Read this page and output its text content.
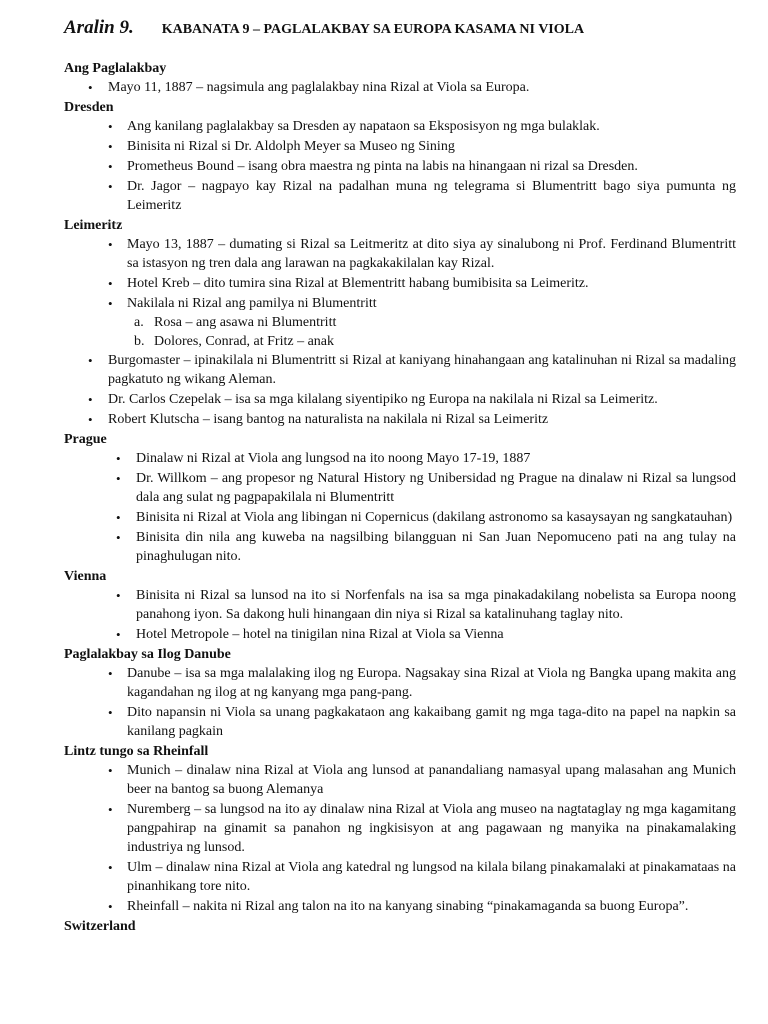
Aralin 9. KABANATA 9 – PAGLALAKBAY SA EUROPA KASAMA NI VIOLA

Ang Paglalakbay

• Mayo 11, 1887 – nagsimula ang paglalakbay nina Rizal at Viola sa Europa.

Dresden

• Ang kanilang paglalakbay sa Dresden ay napataon sa Eksposisyon ng mga bulaklak.
• Binisita ni Rizal si Dr. Aldolph Meyer sa Museo ng Sining
• Prometheus Bound – isang obra maestra ng pinta na labis na hinangaan ni rizal sa Dresden.
• Dr. Jagor – nagpayo kay Rizal na padalhan muna ng telegrama si Blumentritt bago siya pumunta ng Leimeritz

Leimeritz

• Mayo 13, 1887 – dumating si Rizal sa Leitmeritz at dito siya ay sinalubong ni Prof. Ferdinand Blumentritt sa istasyon ng tren dala ang larawan na pagkakakilalan kay Rizal.
• Hotel Kreb – dito tumira sina Rizal at Blementritt habang bumibisita sa Leimeritz.
• Nakilala ni Rizal ang pamilya ni Blumentritt
a. Rosa – ang asawa ni Blumentritt
b. Dolores, Conrad, at Fritz – anak
• Burgomaster – ipinakilala ni Blumentritt si Rizal at kaniyang hinahangaan ang katalinuhan ni Rizal sa madaling pagkatuto ng wikang Aleman.
• Dr. Carlos Czepelak – isa sa mga kilalang siyentipiko ng Europa na nakilala ni Rizal sa Leimeritz.
• Robert Klutscha – isang bantog na naturalista na nakilala ni Rizal sa Leimeritz

Prague

• Dinalaw ni Rizal at Viola ang lungsod na ito noong Mayo 17-19, 1887
• Dr. Willkom – ang propesor ng Natural History ng Unibersidad ng Prague na dinalaw ni Rizal sa lungsod dala ang sulat ng pagpapakilala ni Blumentritt
• Binisita ni Rizal at Viola ang libingan ni Copernicus (dakilang astronomo sa kasaysayan ng sangkatauhan)
• Binisita din nila ang kuweba na nagsilbing bilangguan ni San Juan Nepomuceno pati na ang tulay na pinaghulugan nito.

Vienna

• Binisita ni Rizal sa lunsod na ito si Norfenfals na isa sa mga pinakadakilang nobelista sa Europa noong panahong iyon. Sa dakong huli hinangaan din niya si Rizal sa katalinuhang taglay nito.
• Hotel Metropole – hotel na tinigilan nina Rizal at Viola sa Vienna

Paglalakbay sa Ilog Danube

• Danube – isa sa mga malalaking ilog ng Europa. Nagsakay sina Rizal at Viola ng Bangka upang makita ang kagandahan ng ilog at ng kanyang mga pang-pang.
• Dito napansin ni Viola sa unang pagkakataon ang kakaibang gamit ng mga taga-dito na papel na napkin sa kanilang pagkain

Lintz tungo sa Rheinfall

• Munich – dinalaw nina Rizal at Viola ang lunsod at panandaliang namasyal upang malasahan ang Munich beer na bantog sa buong Alemanya
• Nuremberg – sa lungsod na ito ay dinalaw nina Rizal at Viola ang museo na nagtataglay ng mga kagamitang pangpahirap na ginamit sa panahon ng ingkisisyon at ang pagawaan ng manyika na pinakamalaking industriya ng lunsod.
• Ulm – dinalaw nina Rizal at Viola ang katedral ng lungsod na kilala bilang pinakamalaki at pinakamataas na pinanhikang tore nito.
• Rheinfall – nakita ni Rizal ang talon na ito na kanyang sinabing “pinakamaganda sa buong Europa”.

Switzerland
